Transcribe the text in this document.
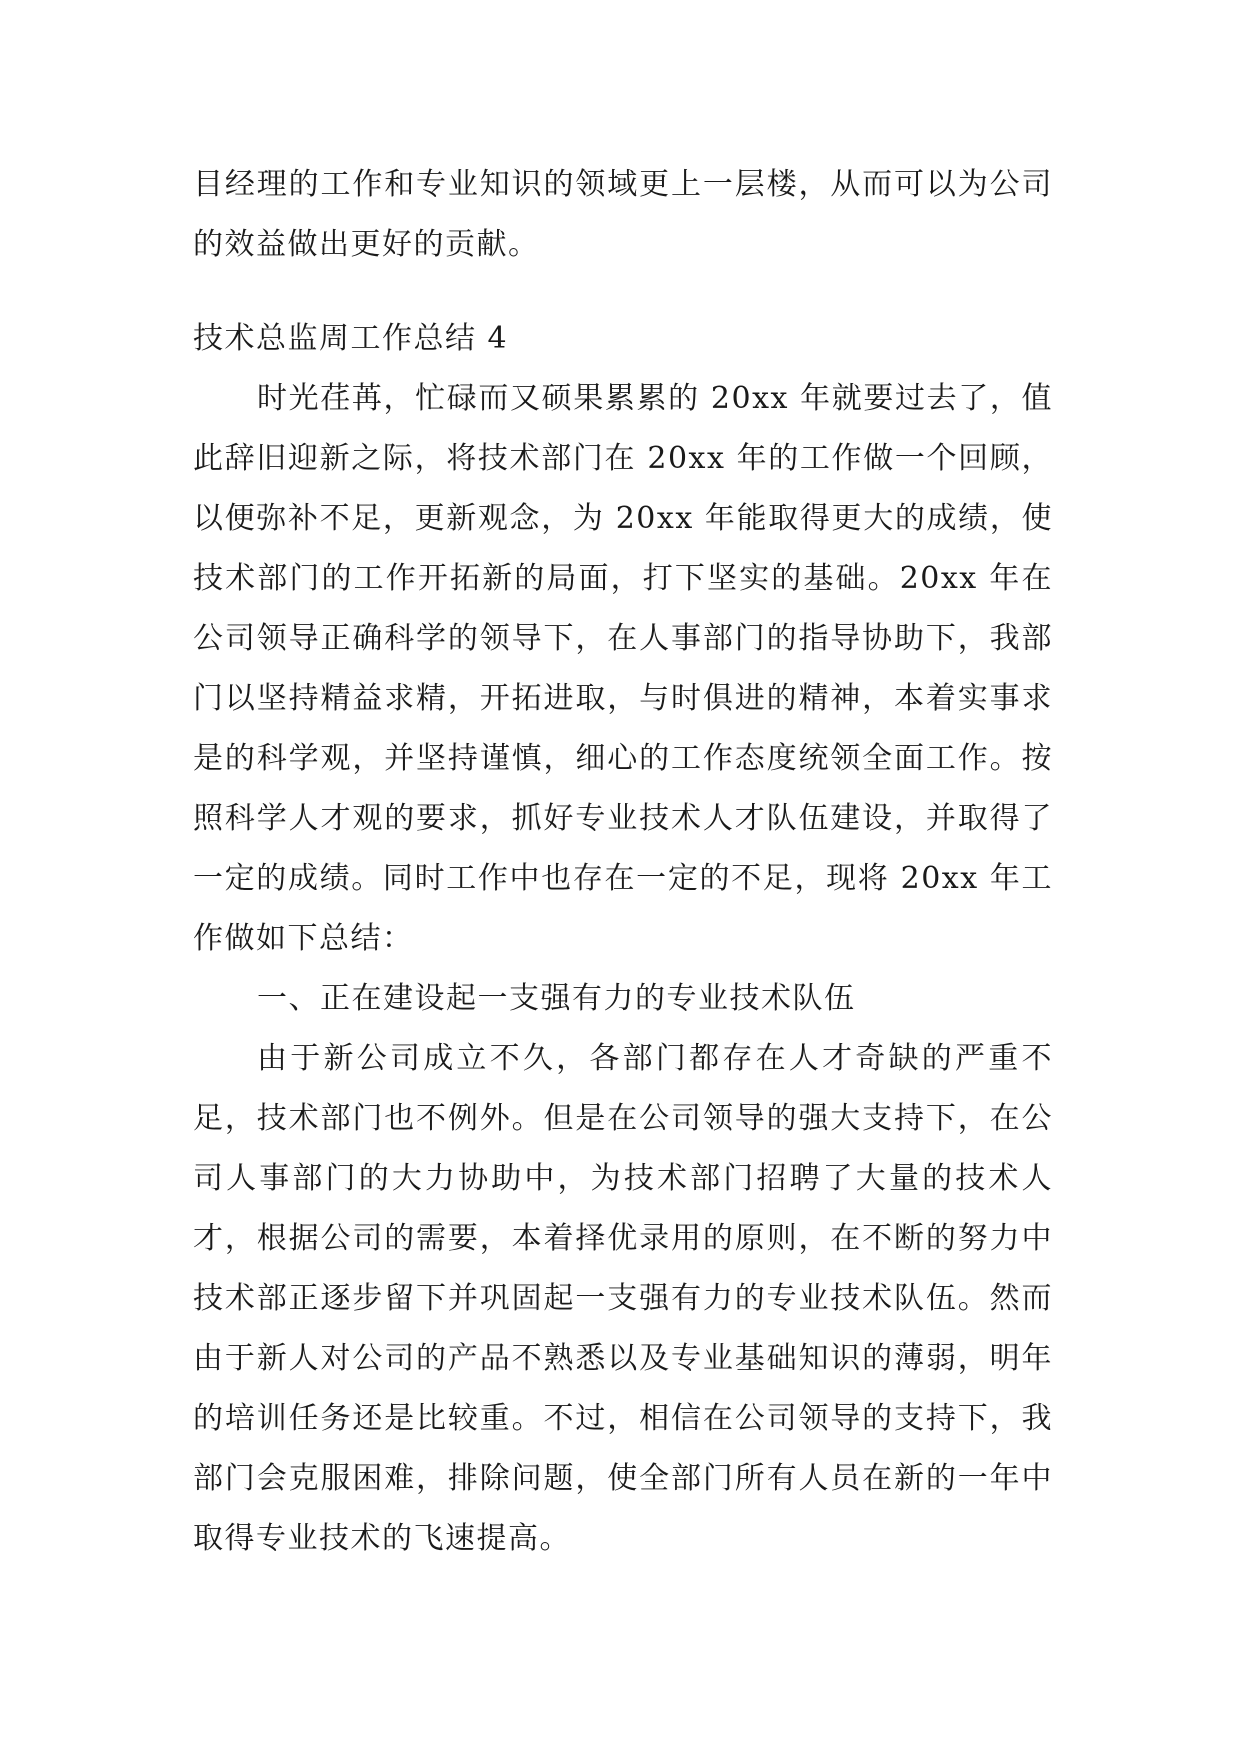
目经理的工作和专业知识的领域更上一层楼，从而可以为公司的效益做出更好的贡献。

技术总监周工作总结 4

时光荏苒，忙碌而又硕果累累的 20xx 年就要过去了，值此辞旧迎新之际，将技术部门在 20xx 年的工作做一个回顾，以便弥补不足，更新观念，为 20xx 年能取得更大的成绩，使技术部门的工作开拓新的局面，打下坚实的基础。20xx 年在公司领导正确科学的领导下，在人事部门的指导协助下，我部门以坚持精益求精，开拓进取，与时俱进的精神，本着实事求是的科学观，并坚持谨慎，细心的工作态度统领全面工作。按照科学人才观的要求，抓好专业技术人才队伍建设，并取得了一定的成绩。同时工作中也存在一定的不足，现将 20xx 年工作做如下总结：

一、正在建设起一支强有力的专业技术队伍

由于新公司成立不久，各部门都存在人才奇缺的严重不足，技术部门也不例外。但是在公司领导的强大支持下，在公司人事部门的大力协助中，为技术部门招聘了大量的技术人才，根据公司的需要，本着择优录用的原则，在不断的努力中技术部正逐步留下并巩固起一支强有力的专业技术队伍。然而由于新人对公司的产品不熟悉以及专业基础知识的薄弱，明年的培训任务还是比较重。不过，相信在公司领导的支持下，我部门会克服困难，排除问题，使全部门所有人员在新的一年中取得专业技术的飞速提高。
